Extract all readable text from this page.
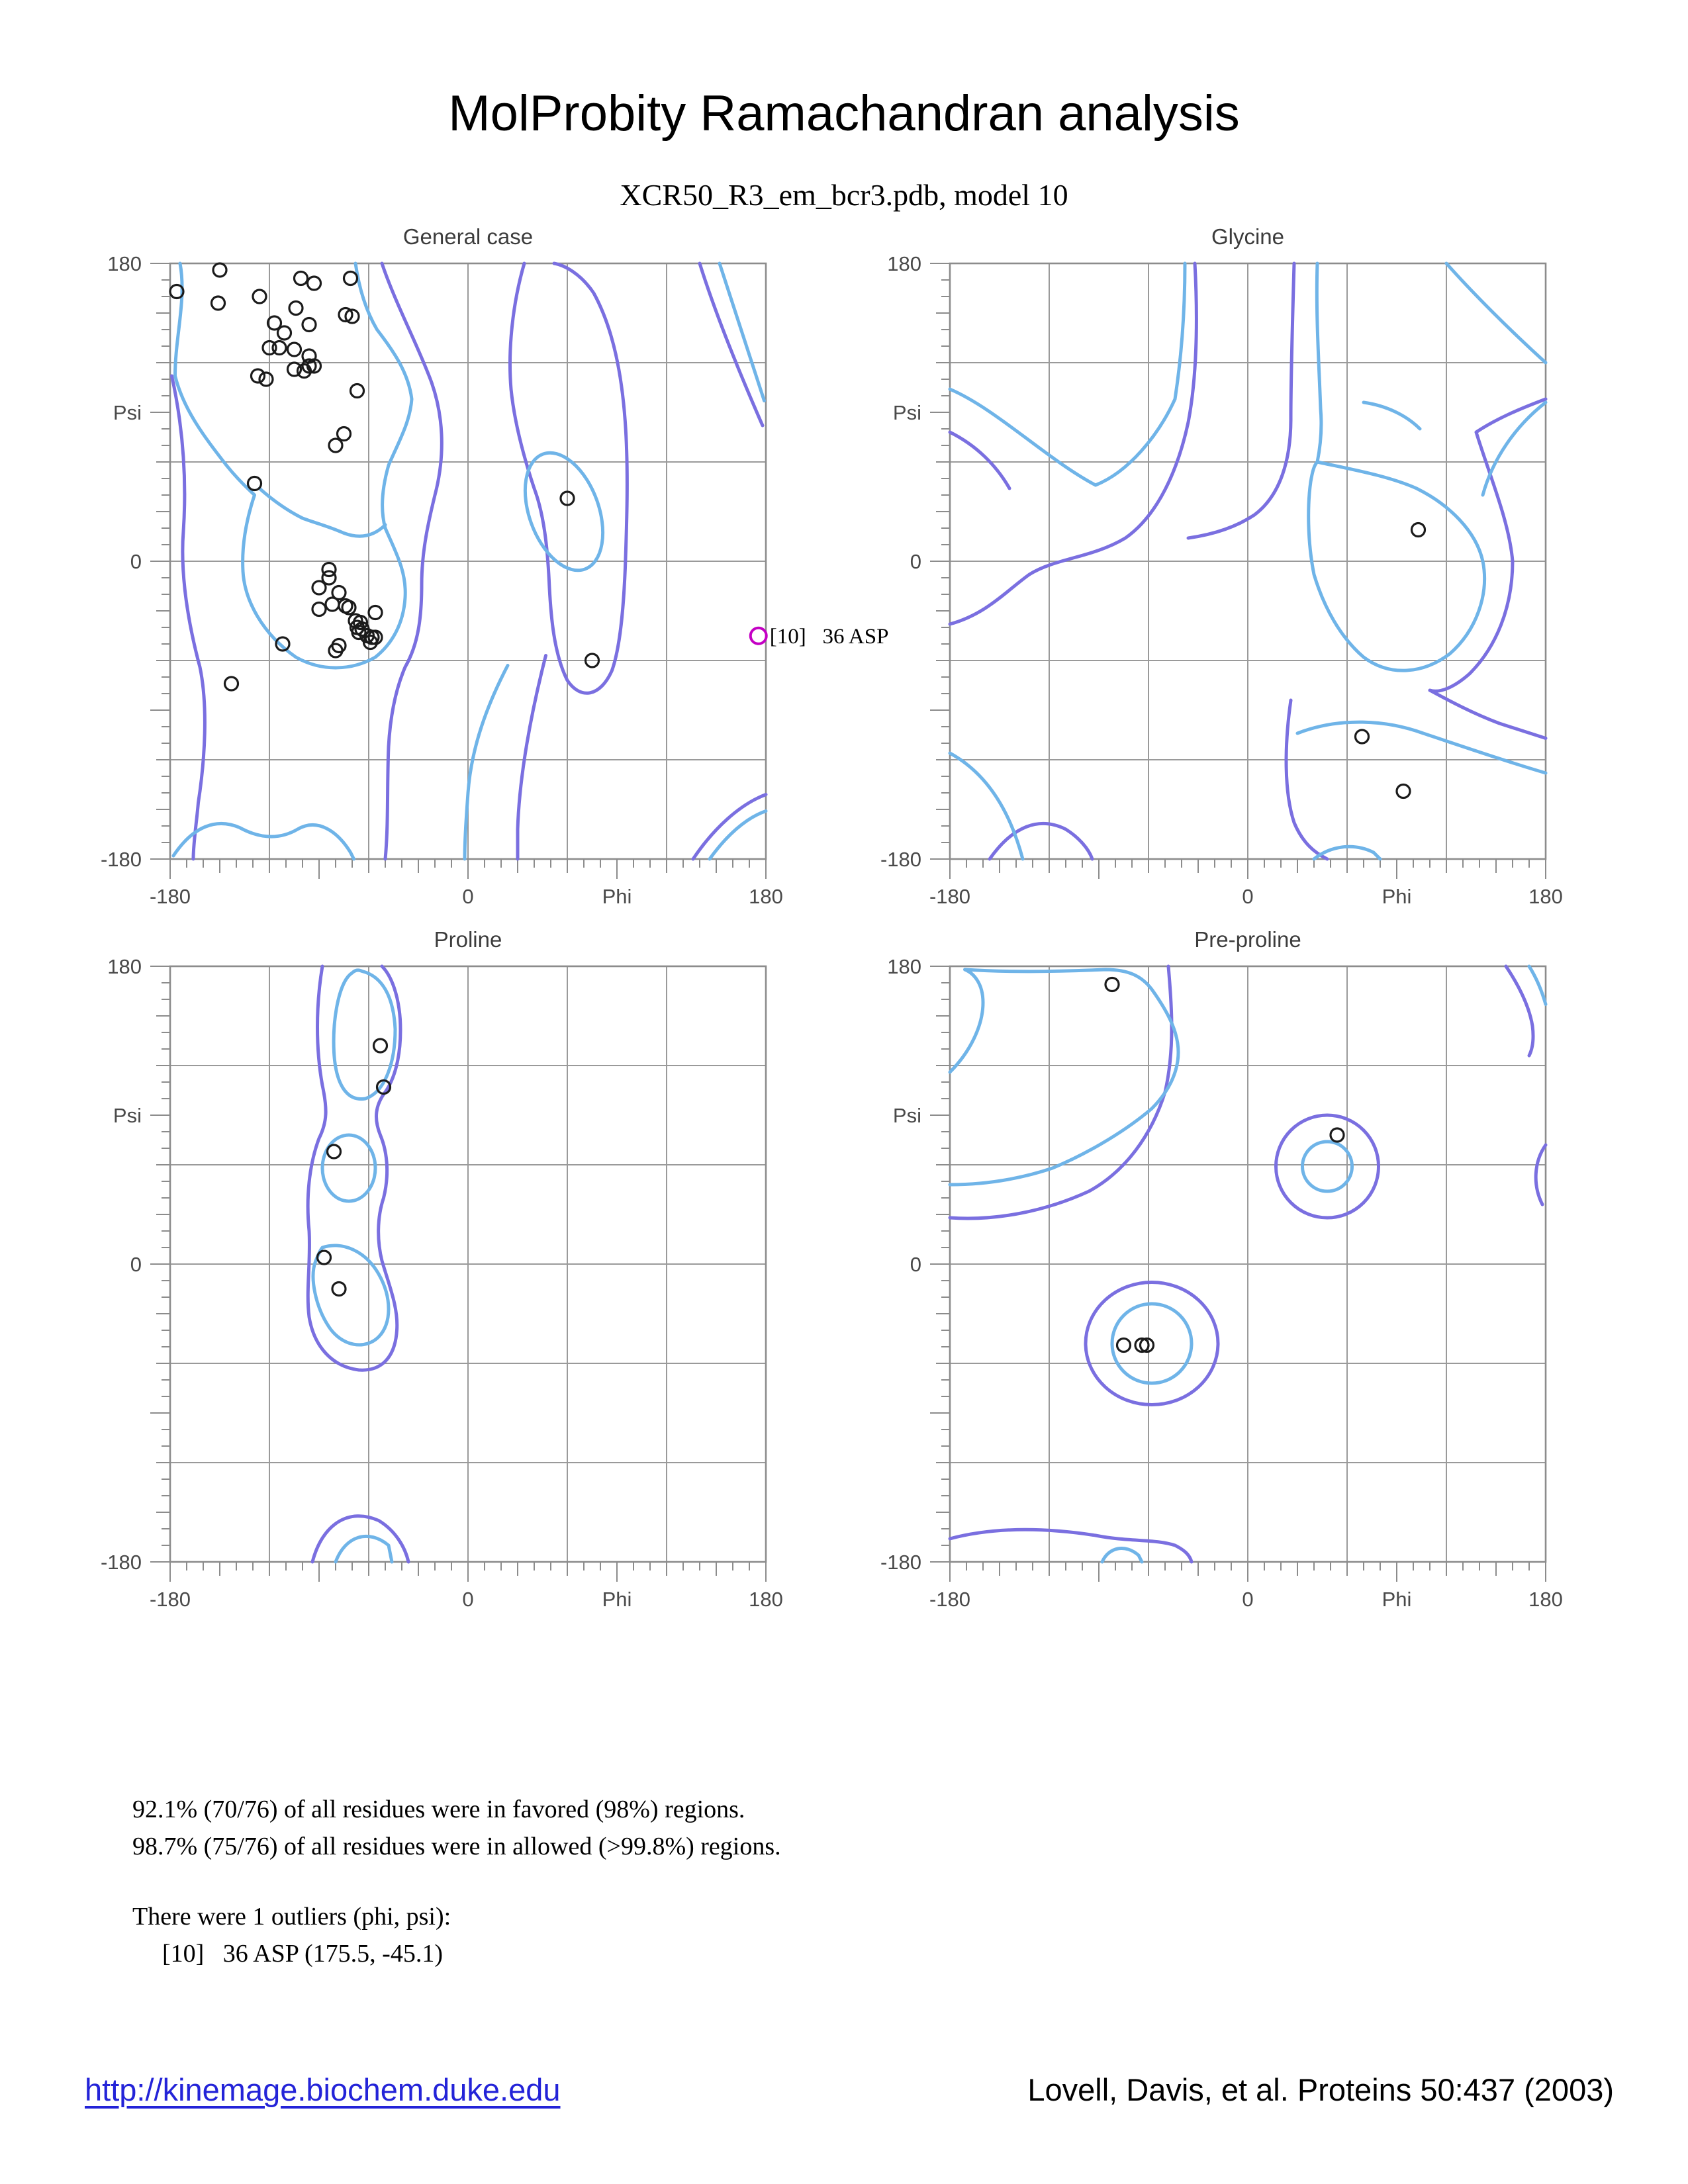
MolProbity Ramachandran analysis
XCR50_R3_em_bcr3.pdb, model 10
General case
-180	0	Phi	180
180
Psi
0
-180
[10]   36 ASP
Glycine
-180	0	Phi	180
180
Psi
0
-180
Proline
-180	0	Phi	180
180
Psi
0
-180
Pre-proline
-180	0	Phi	180
180
Psi
0
-180
92.1% (70/76) of all residues were in favored (98%) regions.
98.7% (75/76) of all residues were in allowed (>99.8%) regions.
There were 1 outliers (phi, psi):
[10]   36 ASP (175.5, -45.1)
http://kinemage.biochem.duke.edu	Lovell, Davis, et al. Proteins 50:437 (2003)
